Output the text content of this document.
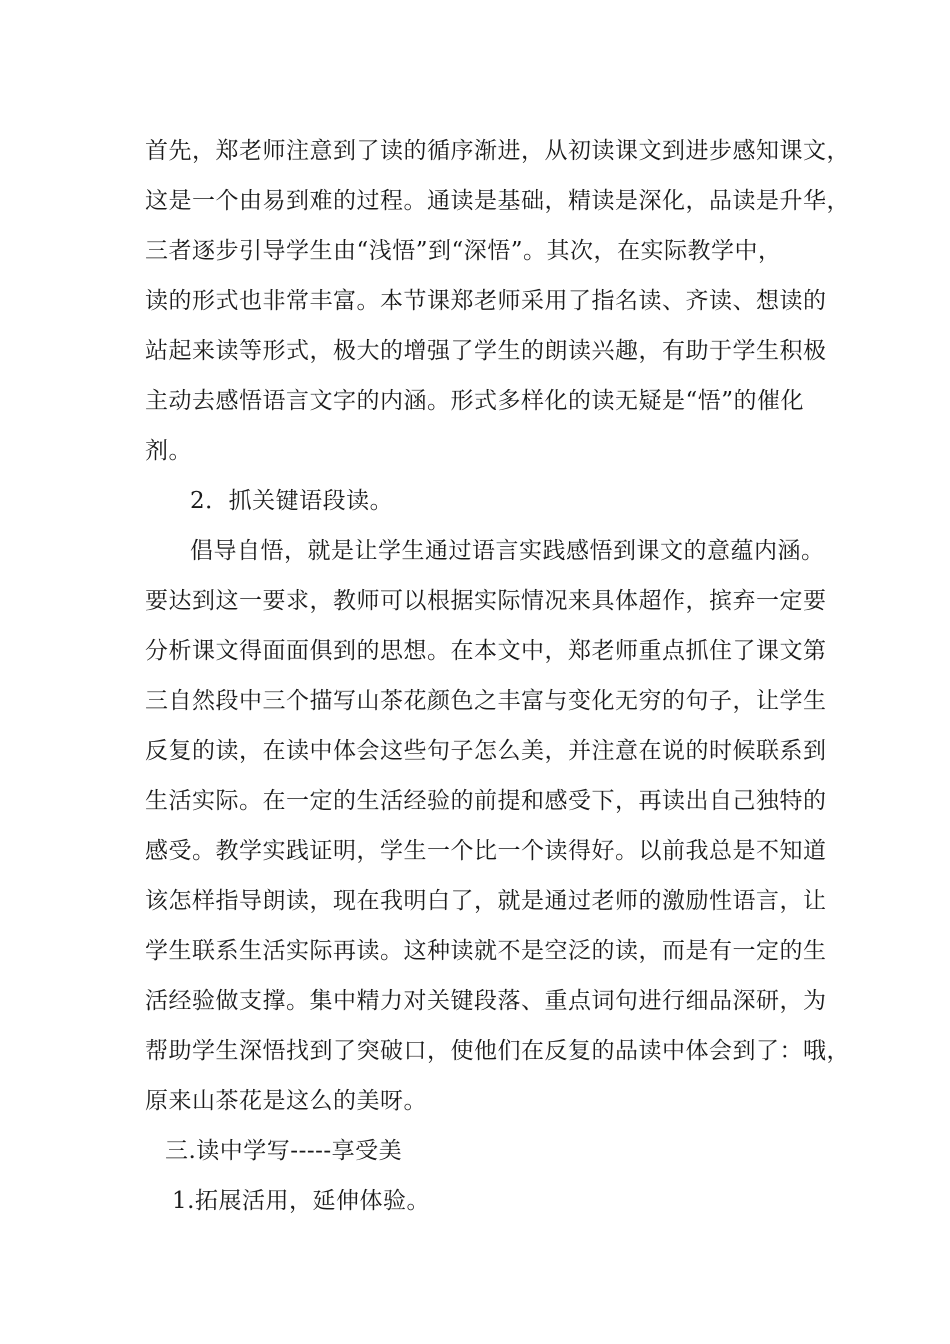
首先，郑老师注意到了读的循序渐进，从初读课文到进步感知课文，
这是一个由易到难的过程。通读是基础，精读是深化，品读是升华，
三者逐步引导学生由“浅悟”到“深悟”。其次，在实际教学中，
读的形式也非常丰富。本节课郑老师采用了指名读、齐读、想读的
站起来读等形式，极大的增强了学生的朗读兴趣，有助于学生积极
主动去感悟语言文字的内涵。形式多样化的读无疑是“悟”的催化
剂。
2．抓关键语段读。
倡导自悟，就是让学生通过语言实践感悟到课文的意蕴内涵。
要达到这一要求，教师可以根据实际情况来具体超作，摈弃一定要
分析课文得面面俱到的思想。在本文中，郑老师重点抓住了课文第
三自然段中三个描写山茶花颜色之丰富与变化无穷的句子，让学生
反复的读，在读中体会这些句子怎么美，并注意在说的时候联系到
生活实际。在一定的生活经验的前提和感受下，再读出自己独特的
感受。教学实践证明，学生一个比一个读得好。以前我总是不知道
该怎样指导朗读，现在我明白了，就是通过老师的激励性语言，让
学生联系生活实际再读。这种读就不是空泛的读，而是有一定的生
活经验做支撑。集中精力对关键段落、重点词句进行细品深研，为
帮助学生深悟找到了突破口，使他们在反复的品读中体会到了：哦，
原来山茶花是这么的美呀。
三.读中学写-----享受美
1.拓展活用，延伸体验。
